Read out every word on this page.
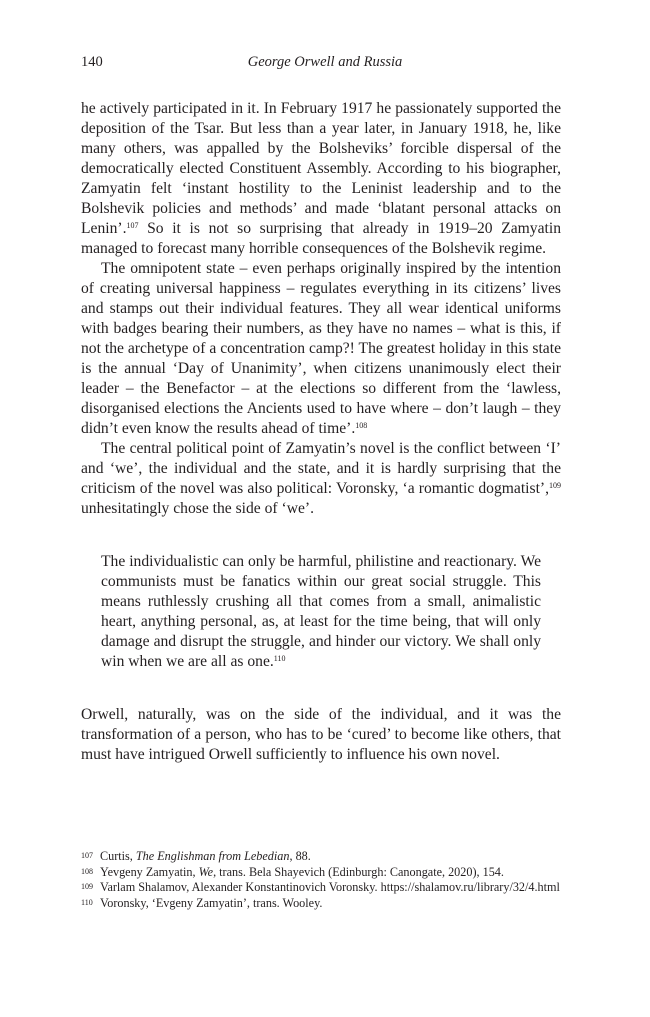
140	George Orwell and Russia

he actively participated in it. In February 1917 he passionately supported the deposition of the Tsar. But less than a year later, in January 1918, he, like many others, was appalled by the Bolsheviks’ forcible dispersal of the democratically elected Constituent Assembly. According to his biographer, Zamyatin felt ‘instant hostility to the Leninist leadership and to the Bolshevik policies and methods’ and made ‘blatant personal attacks on Lenin’.$^{107}$ So it is not so surprising that already in 1919–20 Zamyatin managed to forecast many horrible consequences of the Bolshevik regime.

The omnipotent state – even perhaps originally inspired by the intention of creating universal happiness – regulates everything in its citizens’ lives and stamps out their individual features. They all wear identical uniforms with badges bearing their numbers, as they have no names – what is this, if not the archetype of a concentration camp?! The greatest holiday in this state is the annual ‘Day of Unanimity’, when citizens unanimously elect their leader – the Benefactor – at the elections so different from the ‘lawless, disorganised elections the Ancients used to have where – don’t laugh – they didn’t even know the results ahead of time’.$^{108}$

The central political point of Zamyatin’s novel is the conflict between ‘I’ and ‘we’, the individual and the state, and it is hardly surprising that the criticism of the novel was also political: Voronsky, ‘a romantic dogmatist’,$^{109}$ unhesitatingly chose the side of ‘we’.

The individualistic can only be harmful, philistine and reactionary. We communists must be fanatics within our great social struggle. This means ruthlessly crushing all that comes from a small, animalistic heart, anything personal, as, at least for the time being, that will only damage and disrupt the struggle, and hinder our victory. We shall only win when we are all as one.$^{110}$

Orwell, naturally, was on the side of the individual, and it was the transformation of a person, who has to be ‘cured’ to become like others, that must have intrigued Orwell sufficiently to influence his own novel.

107 Curtis, The Englishman from Lebedian, 88.

108 Yevgeny Zamyatin, We, trans. Bela Shayevich (Edinburgh: Canongate, 2020), 154.

109 Varlam Shalamov, Alexander Konstantinovich Voronsky. https://shalamov.ru/library/32/4.html

110 Voronsky, ‘Evgeny Zamyatin’, trans. Wooley.
